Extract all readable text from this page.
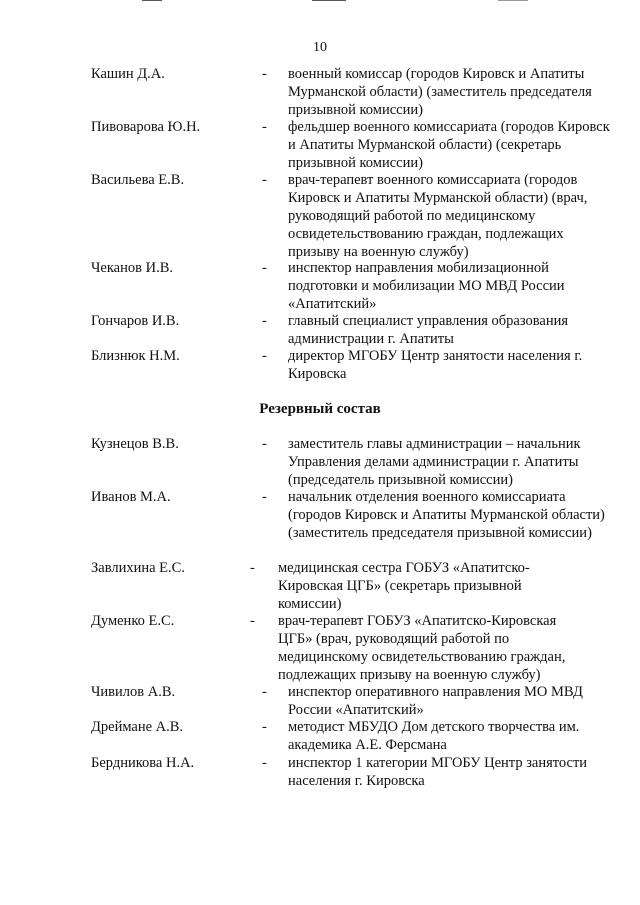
10
Кашин Д.А.	- военный комиссар (городов Кировск и Апатиты Мурманской области) (заместитель председателя призывной комиссии)
Пивоварова Ю.Н.	- фельдшер военного комиссариата (городов Кировск и Апатиты Мурманской области) (секретарь призывной комиссии)
Васильева Е.В.	- врач-терапевт военного комиссариата (городов Кировск и Апатиты Мурманской области) (врач, руководящий работой по медицинскому освидетельствованию граждан, подлежащих призыву на военную службу)
Чеканов И.В.	- инспектор направления мобилизационной подготовки и мобилизации МО МВД России «Апатитский»
Гончаров И.В.	- главный специалист управления образования администрации г. Апатиты
Близнюк Н.М.	- директор МГОБУ Центр занятости населения г. Кировска
Резервный состав
Кузнецов В.В.	- заместитель главы администрации – начальник Управления делами администрации г. Апатиты (председатель призывной комиссии)
Иванов М.А.	- начальник отделения военного комиссариата (городов Кировск и Апатиты Мурманской области) (заместитель председателя призывной комиссии)
Завлихина Е.С.	- медицинская сестра ГОБУЗ «Апатитско-Кировская ЦГБ» (секретарь призывной комиссии)
Думенко Е.С.	- врач-терапевт ГОБУЗ «Апатитско-Кировская ЦГБ» (врач, руководящий работой по медицинскому освидетельствованию граждан, подлежащих призыву на военную службу)
Чивилов А.В.	- инспектор оперативного направления МО МВД России «Апатитский»
Дреймане А.В.	- методист МБУДО Дом детского творчества им. академика А.Е. Ферсмана
Бердникова Н.А.	- инспектор 1 категории МГОБУ Центр занятости населения г. Кировска
